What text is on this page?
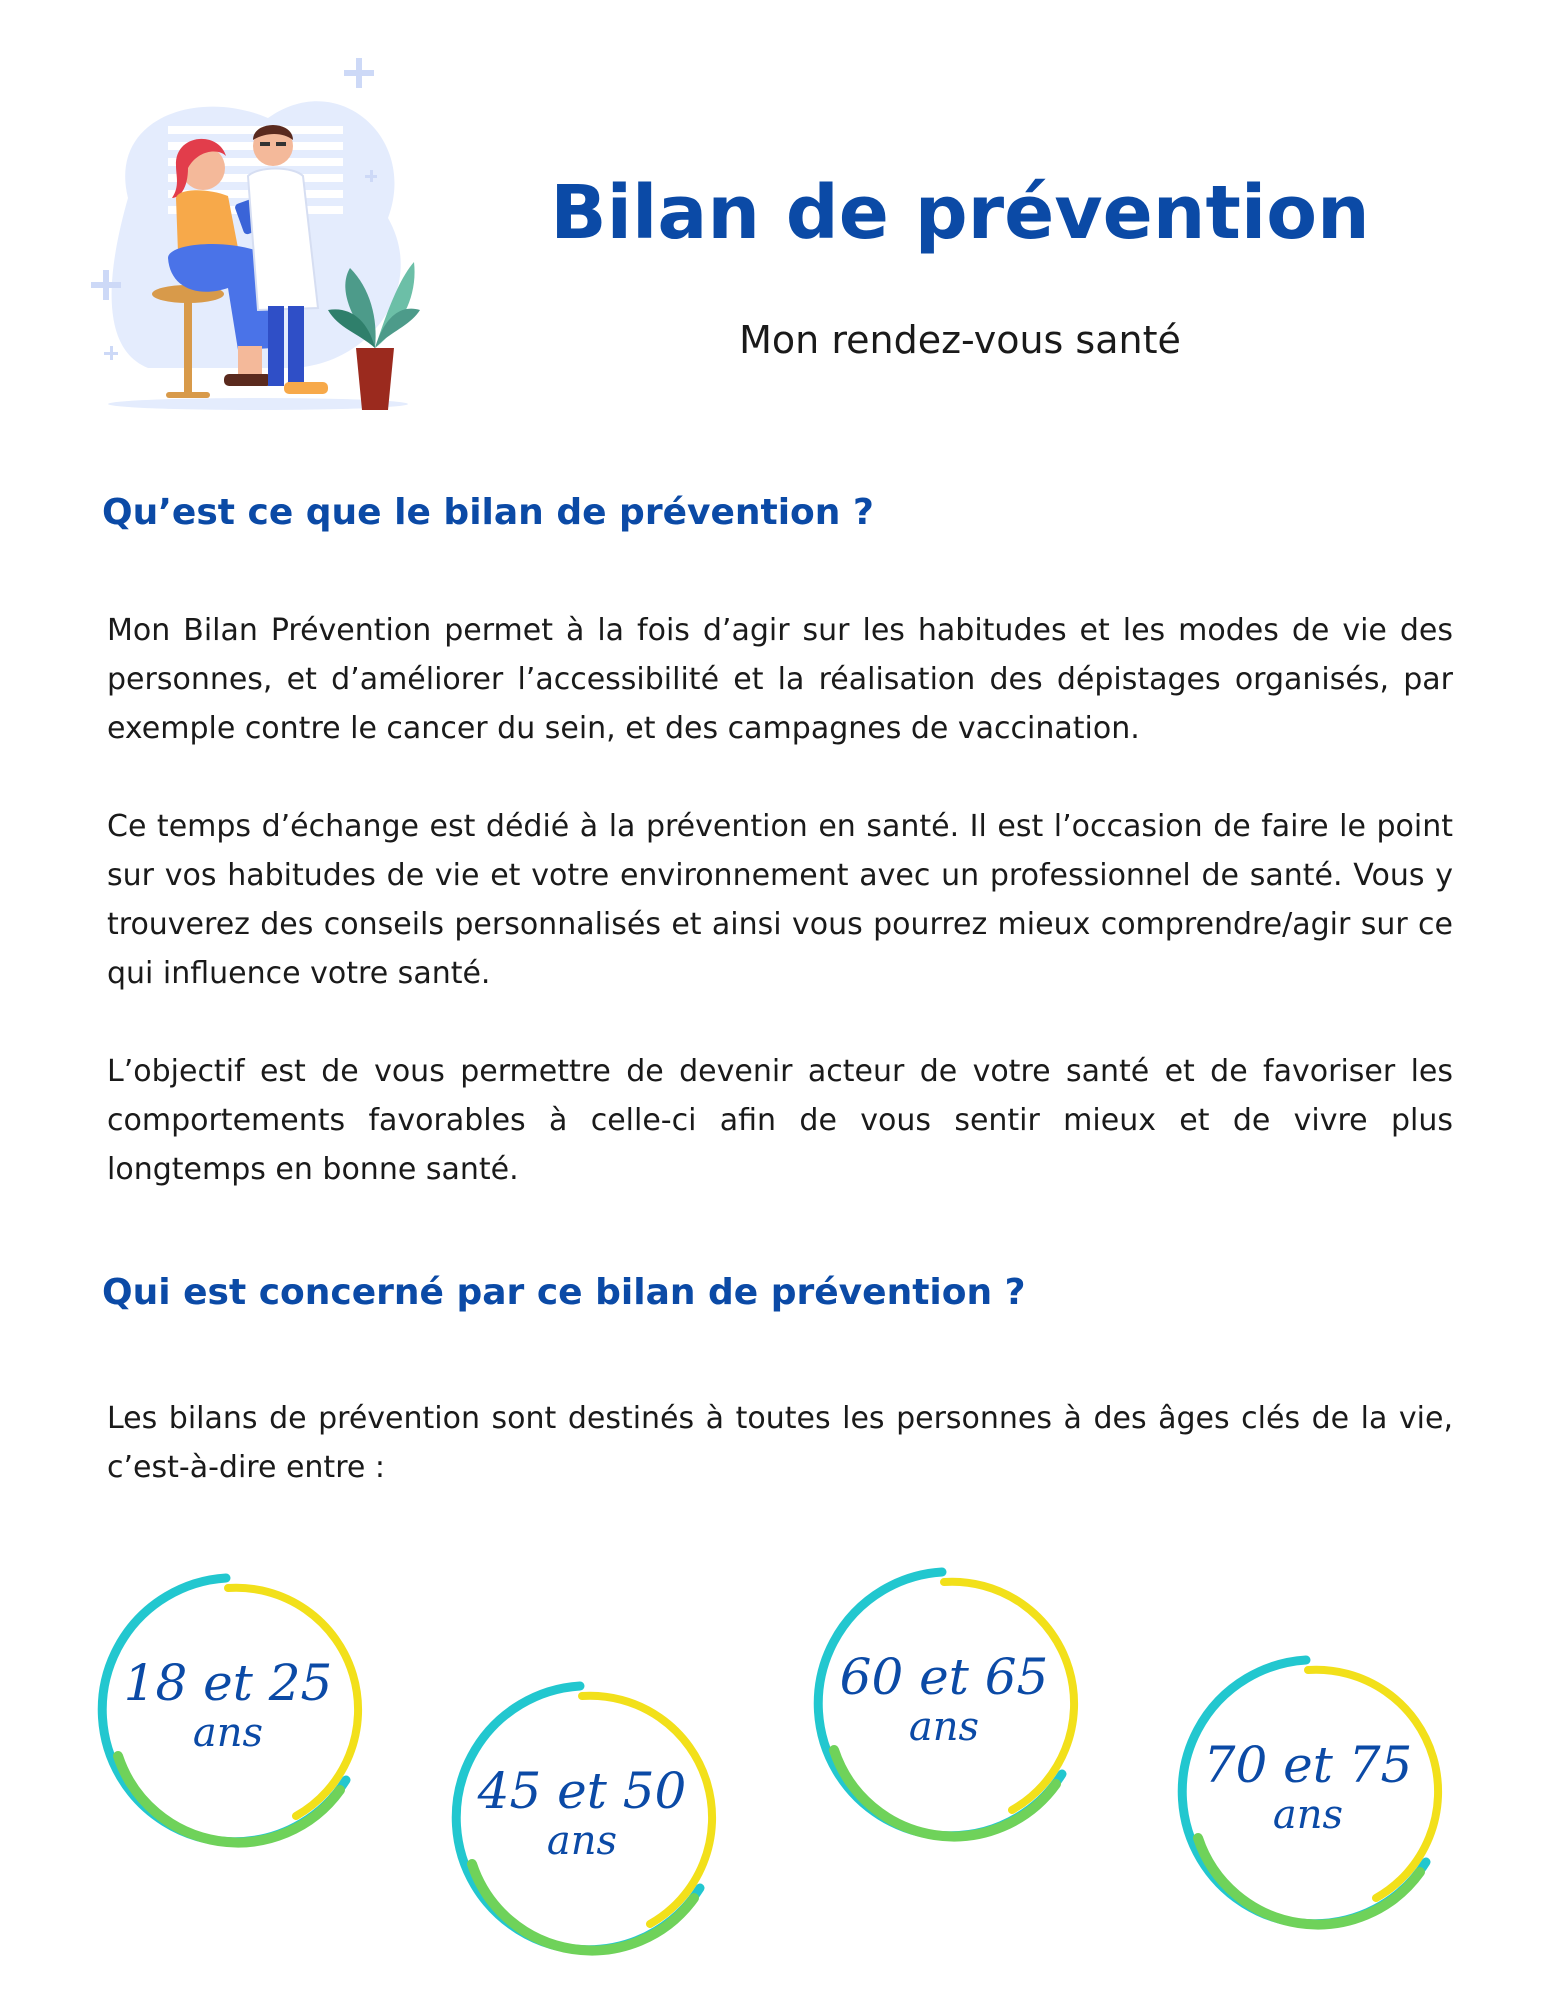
Bilan de prévention

Mon rendez-vous santé

Qu’est ce que le bilan de prévention ?

Mon Bilan Prévention permet à la fois d’agir sur les habitudes et les modes de vie des personnes, et d’améliorer l’accessibilité et la réalisation des dépistages organisés, par exemple contre le cancer du sein, et des campagnes de vaccination.

Ce temps d’échange est dédié à la prévention en santé. Il est l’occasion de faire le point sur vos habitudes de vie et votre environnement avec un professionnel de santé. Vous y trouverez des conseils personnalisés et ainsi vous pourrez mieux comprendre/agir sur ce qui influence votre santé.

L’objectif est de vous permettre de devenir acteur de votre santé et de favoriser les comportements favorables à celle-ci afin de vous sentir mieux et de vivre plus longtemps en bonne santé.

Qui est concerné par ce bilan de prévention ?

Les bilans de prévention sont destinés à toutes les personnes à des âges clés de la vie, c’est-à-dire entre :

18 et 25
ans
45 et 50
ans
60 et 65
ans
70 et 75
ans
